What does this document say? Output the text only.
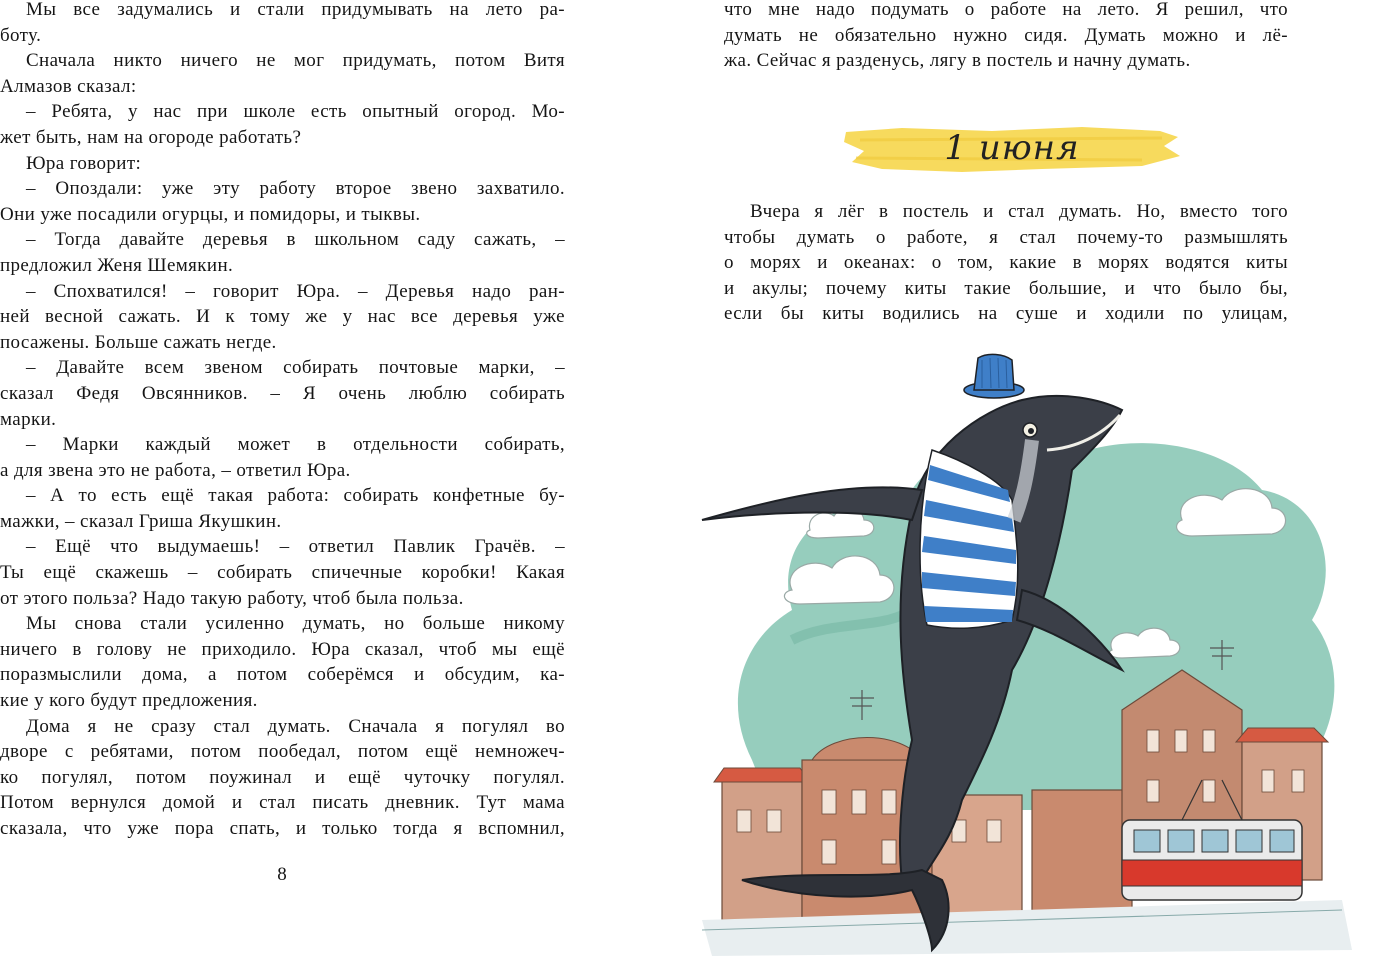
Мы все задумались и стали придумывать на лето ра-

боту.

Сначала никто ничего не мог придумать, потом Витя

Алмазов сказал:

– Ребята, у нас при школе есть опытный огород. Мо-

жет быть, нам на огороде работать?

Юра говорит:

– Опоздали: уже эту работу второе звено захватило.

Они уже посадили огурцы, и помидоры, и тыквы.

– Тогда давайте деревья в школьном саду сажать, –

предложил Женя Шемякин.

– Спохватился! – говорит Юра. – Деревья надо ран-

ней весной сажать. И к тому же у нас все деревья уже

посажены. Больше сажать негде.

– Давайте всем звеном собирать почтовые марки, –

сказал Федя Овсянников. – Я очень люблю собирать

марки.

– Марки каждый может в отдельности собирать,

а для звена это не работа, – ответил Юра.

– А то есть ещё такая работа: собирать конфетные бу-

мажки, – сказал Гриша Якушкин.

– Ещё что выдумаешь! – ответил Павлик Грачёв. –

Ты ещё скажешь – собирать спичечные коробки! Какая

от этого польза? Надо такую работу, чтоб была польза.

Мы снова стали усиленно думать, но больше никому

ничего в голову не приходило. Юра сказал, чтоб мы ещё

поразмыслили дома, а потом соберёмся и обсудим, ка-

кие у кого будут предложения.

Дома я не сразу стал думать. Сначала я погулял во

дворе с ребятами, потом пообедал, потом ещё немножеч-

ко погулял, потом поужинал и ещё чуточку погулял.

Потом вернулся домой и стал писать дневник. Тут мама

сказала, что уже пора спать, и только тогда я вспомнил,

8

что мне надо подумать о работе на лето. Я решил, что

думать не обязательно нужно сидя. Думать можно и лё-

жа. Сейчас я разденусь, лягу в постель и начну думать.

1 июня

Вчера я лёг в постель и стал думать. Но, вместо того

чтобы думать о работе, я стал почему-то размышлять

о морях и океанах: о том, какие в морях водятся киты

и акулы; почему киты такие большие, и что было бы,

если бы киты водились на суше и ходили по улицам,
